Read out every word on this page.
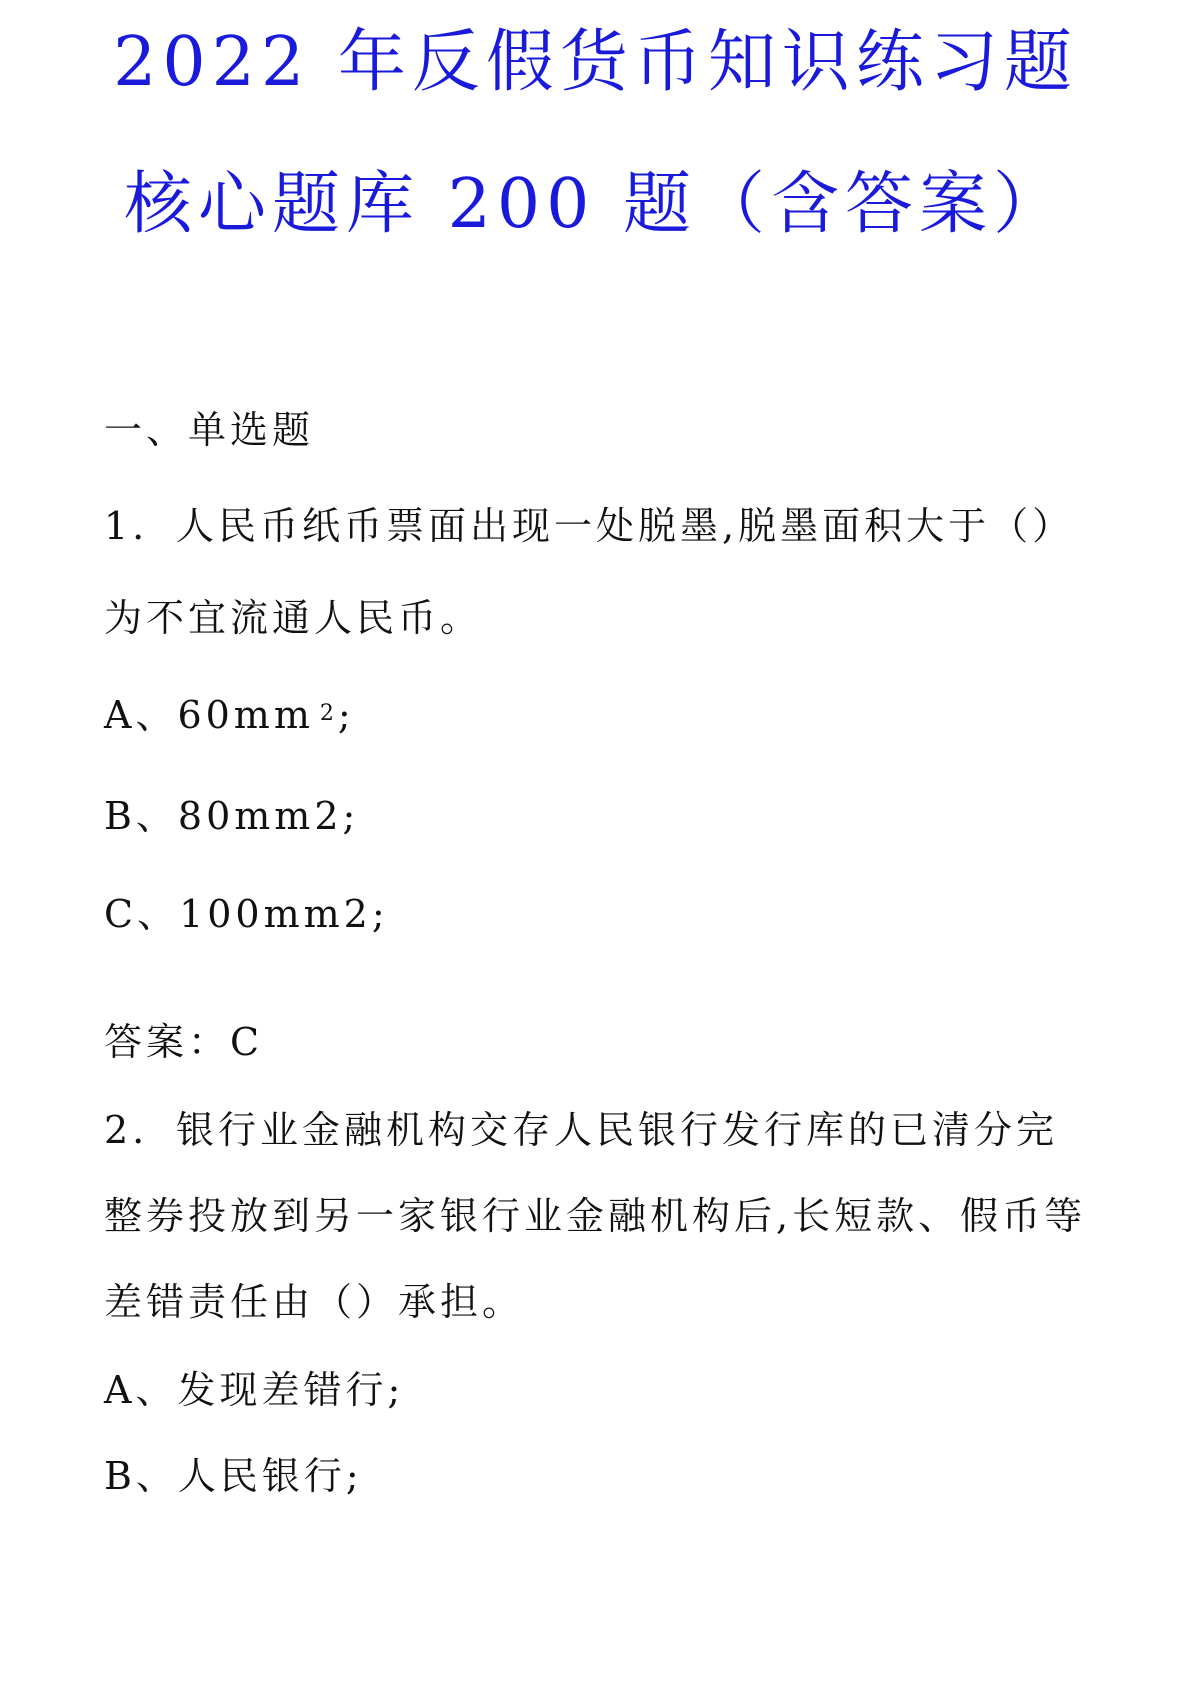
2022 年反假货币知识练习题
核心题库 200 题（含答案）
一、单选题
1. 人民币纸币票面出现一处脱墨,脱墨面积大于（）
为不宜流通人民币。
A、60mm $^2$;
B、80mm2;
C、100mm2;
答案：C
2. 银行业金融机构交存人民银行发行库的已清分完
整券投放到另一家银行业金融机构后,长短款、假币等
差错责任由（）承担。
A、发现差错行;
B、人民银行;
